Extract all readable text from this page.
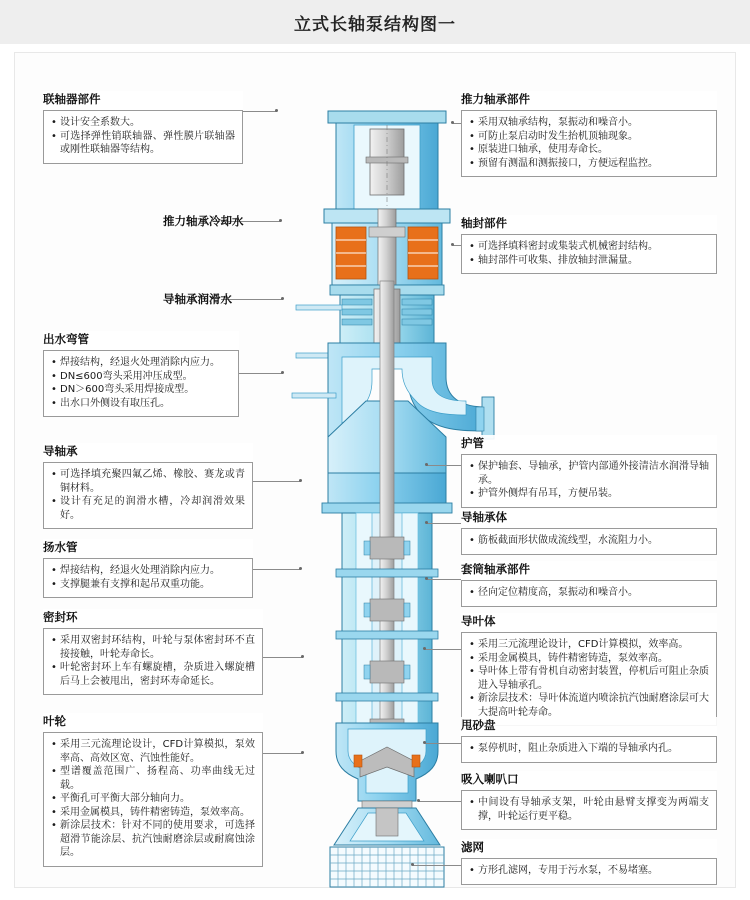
立式长轴泵结构图一
联轴器部件
• 设计安全系数大。
• 可选择弹性销联轴器、弹性膜片联轴器或刚性联轴器等结构。
推力轴承冷却水
导轴承润滑水
出水弯管
• 焊接结构，经退火处理消除内应力。
• DN≤600弯头采用冲压成型。
• DN＞600弯头采用焊接成型。
• 出水口外侧设有取压孔。
导轴承
• 可选择填充聚四氟乙烯、橡胶、赛龙或青铜材料。
• 设计有充足的润滑水槽，冷却润滑效果好。
扬水管
• 焊接结构，经退火处理消除内应力。
• 支撑腿兼有支撑和起吊双重功能。
密封环
• 采用双密封环结构，叶轮与泵体密封环不直接接触，叶轮寿命长。
• 叶轮密封环上车有螺旋槽，杂质进入螺旋槽后马上会被甩出，密封环寿命延长。
叶轮
• 采用三元流理论设计，CFD计算模拟，泵效率高、高效区宽、汽蚀性能好。
• 型谱覆盖范围广、扬程高、功率曲线无过载。
• 平衡孔可平衡大部分轴向力。
• 采用金属模具，铸件精密铸造，泵效率高。
• 新涂层技术：针对不同的使用要求，可选择超滑节能涂层、抗汽蚀耐磨涂层或耐腐蚀涂层。
推力轴承部件
• 采用双轴承结构，泵振动和噪音小。
• 可防止泵启动时发生抬机顶轴现象。
• 原装进口轴承，使用寿命长。
• 预留有测温和测振接口，方便远程监控。
轴封部件
• 可选择填料密封或集装式机械密封结构。
• 轴封部件可收集、排放轴封泄漏量。
护管
• 保护轴套、导轴承，护管内部通外接清洁水润滑导轴承。
• 护管外侧焊有吊耳，方便吊装。
导轴承体
• 筋板截面形状做成流线型，水流阻力小。
套筒轴承部件
• 径向定位精度高，泵振动和噪音小。
导叶体
• 采用三元流理论设计，CFD计算模拟，效率高。
• 采用金属模具，铸件精密铸造，泵效率高。
• 导叶体上带有骨机自动密封装置，停机后可阻止杂质进入导轴承孔。
• 新涂层技术：导叶体流道内喷涂抗汽蚀耐磨涂层可大大提高叶轮寿命。
甩砂盘
• 泵停机时，阻止杂质进入下端的导轴承内孔。
吸入喇叭口
• 中间设有导轴承支架，叶轮由悬臂支撑变为两端支撑，叶轮运行更平稳。
滤网
• 方形孔滤网，专用于污水泵，不易堵塞。
